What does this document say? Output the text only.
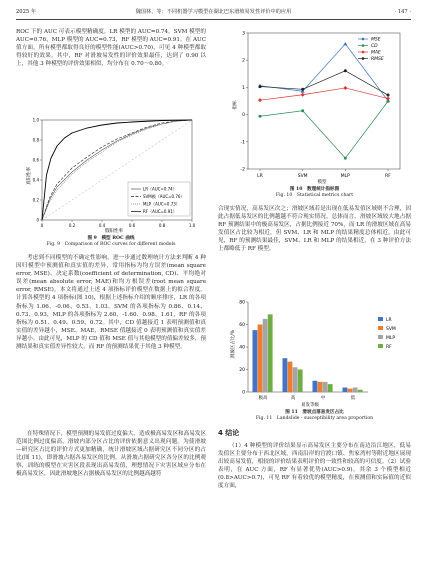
2025 年	魏国林，等：不同机器学习模型在湖北巴东滑坡易发性评价中的应用	· 147 ·

ROC 下的 AUC 可表示模型精确度。LR 模型的 AUC=0.74，SVM 模型的 AUC=0.76，MLP 模型的 AUC=0.73，RF 模型的 AUC=0.91。在 AUC 值方面，所有模型都取得良好的模型性能(AUC>0.70)，可见 4 种模型都取得较好的效果。其中，RF 对滑坡易发性的评价效果最佳，达到了 0.90 以上，其他 3 种模型的评价效果相似，均分布在 0.70～0.80。

真阳性率
假阳性率
1.0
0.8
0.6
0.4
0.2
0
0	0.2	0.4	0.6	0.8	1.0
LR（AUC=0.74）
SVM模（AUC=0.76）
MLP（AUC=0.73）
RF（AUC=0.91）
图 9　模型 ROC 曲线
Fig. 9　Comparison of ROC curves for different models

考虑到不同模型的不确定性影响，进一步通过数理统计方法来判断 4 种因归模型中预测值和真实值的差异，常用指标为均方误差(mean square error, MSE)、决定系数(coefficient of determination, CD)、平均绝对误差(mean absolute error, MAE)和均方根误差(root mean square error, RMSE)。本文将通过上述 4 项指标评价模型在数据上的拟合程度。计算各模型的 4 项指标(图 10)，根据上述指标介绍的顺序排序，LR 的各项指标为 1.06、-0.06、0.53、1.03，SVM 的各项指标为 0.86、0.14、0.73、0.93，MLP 的各项指标为 2.60、-1.60、0.98、1.61，RF 的各项指标为 0.51、0.49、0.59、0.72。其中，CD 值越接近 1 表明预测值和真实值的差异越小，MSE、MAE、RMSE 值越接近 0 表明预测值和真实值差异越小。由此可见，MLP 的 CD 值和 MSE 值与其他模型的值偏差较多，预测结果和真实值差异性较大，而 RF 的预测结果优于其他 3 种模型。

在特殊情况下，模型预测的易发值过度偏大，造成极高易发区和高易发区范围比例过度偏高，滑坡内部分区占比的评价依据意义出现问题。为使滑坡—研究区占比的评价方式更加精确，统计滑坡区域占据研究区不同分区的占比(图 11)，即滑坡占据各易发区的比例。从滑坡占据研究区各分区的比例观察，训练的模型在灾害区段表现出高易发值，理想情况下灾害区域应分布在极高易发区，因此滑坡地区占据极高易发区的比例越高越符

指标
模型
3
2
1
0
-1
-2
LR	SVM	MLP	RF
MSE
CD
MAE
RMSE
图 10　数理统计指标图
Fig. 10　Statistical metrics chart

合现实情况，高易发区次之；滑坡区域若是出现在低易发值区域则不合理，因此占据低易发区的比例越越不符合现实情况。总体而言，滑坡区域较大地占据 RF 预测结果中的极高易发区，占据比例接近 70%，而 LR 的滑坡区域在高易发值区占比较为相近，但 SVM、LR 和 MLP 的结果精度总体相近。由此可见，RF 的预测结果最佳，SVM、LR 和 MLP 的结果相近，在 3 种评价方法上都略低于 RF 模型。

滑坡区占比/%
易发等级
80
60
40
20
0
极高	高	中	低
LR
SVM
MLP
RF
图 11　滑坡点落易发区占比
Fig. 11　Landslide - susceptibility area proportion
4 结论

（1）4 种模型的评价结果显示高易发区主要分布在南边沿江地区，低易发值区主要分布于西北区域，西南沿岸的官渡口镇、焦家湾村等附近地区展现出较高易发值，相较的评价结果表明评价的一致性和较高的可信度。（2）试验表明，在 AUC 方面，RF 有显著优势(AUC>0.9)，其余 3 个模型相近(0.8>AUC>0.7)，可见 RF 有着较优的模型精度，在预测值和实际值的近似度方面，
